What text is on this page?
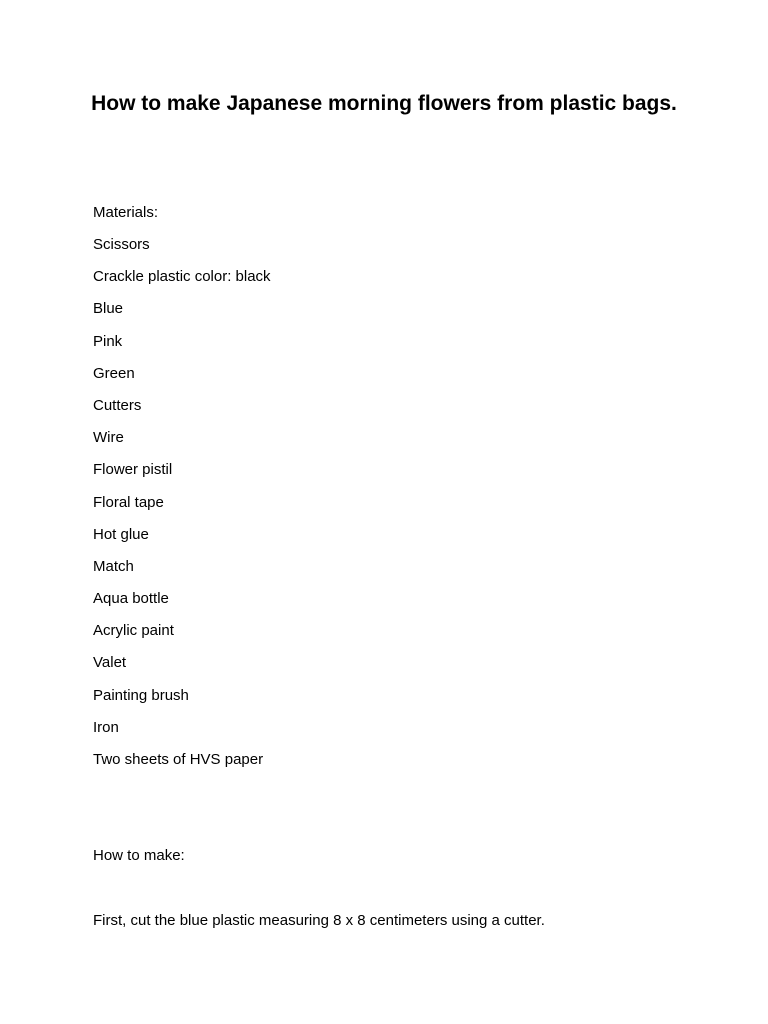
How to make Japanese morning flowers from plastic bags.

Materials:

Scissors
Crackle plastic color: black
Blue
Pink
Green
Cutters
Wire
Flower pistil
Floral tape
Hot glue
Match
Aqua bottle
Acrylic paint
Valet
Painting brush
Iron
Two sheets of HVS paper

How to make:

First, cut the blue plastic measuring 8 x 8 centimeters using a cutter.
